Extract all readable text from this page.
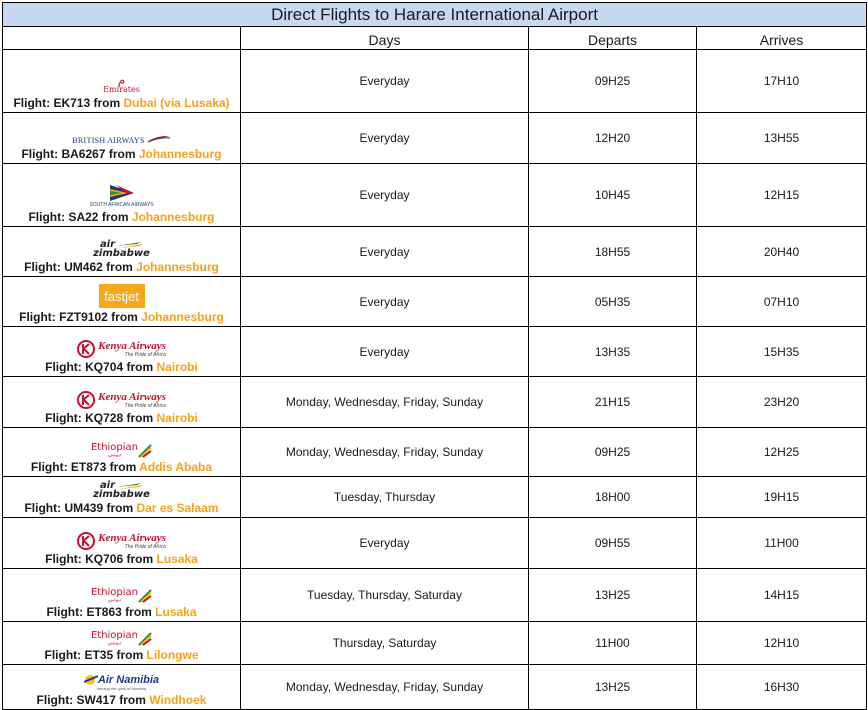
Direct Flights to Harare International Airport			
	Days	Departs	Arrives

م
Emirates
Flight: EK713 from Dubai (via Lusaka)	Everyday	09H25	17H10

BRITISH AIRWAYS
Flight: BA6267 from Johannesburg	Everyday	12H20	13H55

SOUTH AFRICAN AIRWAYS
Flight: SA22 from Johannesburg	Everyday	10H45	12H15

air
zimbabwe
Flight: UM462 from Johannesburg	Everyday	18H55	20H40

fastjet
Flight: FZT9102 from Johannesburg	Everyday	05H35	07H10

Kenya Airways
The Pride of Africa
Flight: KQ704 from Nairobi	Everyday	13H35	15H35

Kenya Airways
The Pride of Africa
Flight: KQ728 from Nairobi	Monday, Wednesday, Friday, Sunday	21H15	23H20

Ethiopian
ኢትዮጵያ
Flight: ET873 from Addis Ababa	Monday, Wednesday, Friday, Sunday	09H25	12H25

air
zimbabwe
Flight: UM439 from Dar es Salaam	Tuesday, Thursday	18H00	19H15

Kenya Airways
The Pride of Africa
Flight: KQ706 from Lusaka	Everyday	09H55	11H00

Ethiopian
ኢትዮጵያ
Flight: ET863 from Lusaka	Tuesday, Thursday, Saturday	13H25	14H15

Ethiopian
ኢትዮጵያ
Flight: ET35 from Lilongwe	Thursday, Saturday	11H00	12H10

Air Namibia
serving the spirit of Namibia
Flight: SW417 from Windhoek	Monday, Wednesday, Friday, Sunday	13H25	16H30
